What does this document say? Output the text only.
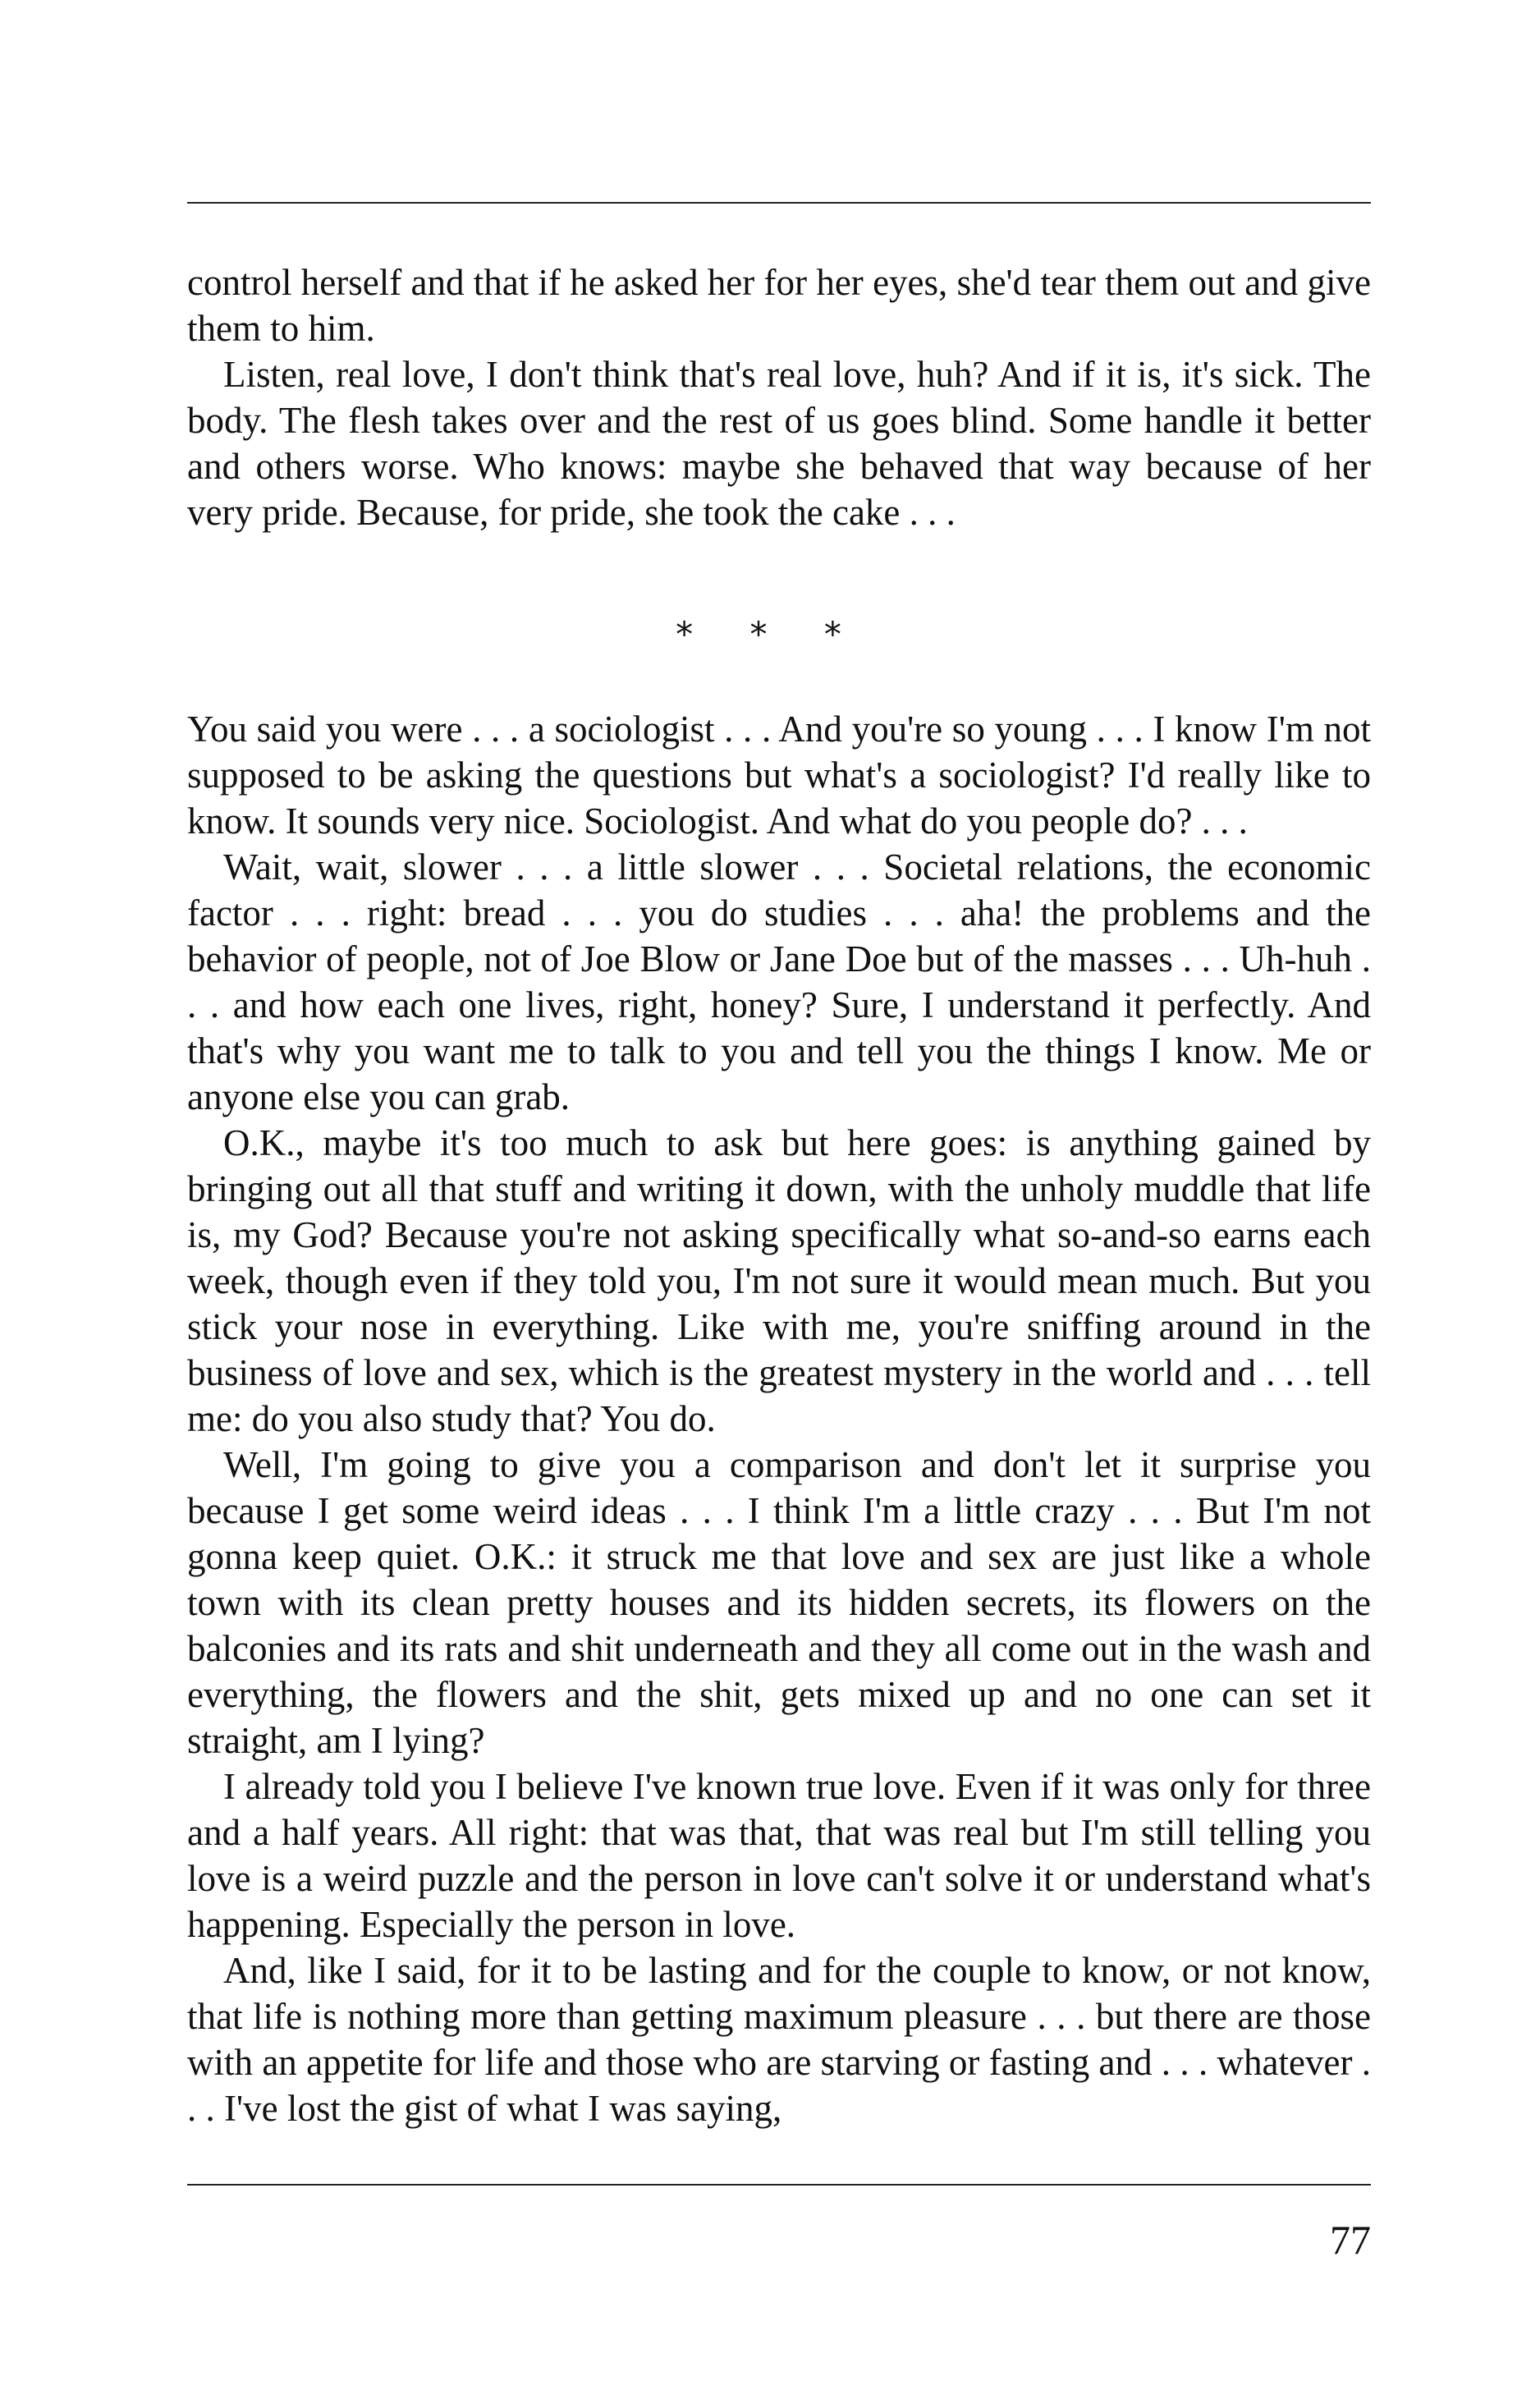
control herself and that if he asked her for her eyes, she'd tear them out and give them to him.

Listen, real love, I don't think that's real love, huh? And if it is, it's sick. The body. The flesh takes over and the rest of us goes blind. Some handle it better and others worse. Who knows: maybe she behaved that way because of her very pride. Because, for pride, she took the cake . . .

* * *

You said you were . . . a sociologist . . . And you're so young . . . I know I'm not supposed to be asking the questions but what's a sociologist? I'd really like to know. It sounds very nice. Sociologist. And what do you people do? . . .

Wait, wait, slower . . . a little slower . . . Societal relations, the economic factor . . . right: bread . . . you do studies . . . aha! the problems and the behavior of people, not of Joe Blow or Jane Doe but of the masses . . . Uh-huh . . . and how each one lives, right, honey? Sure, I understand it perfectly. And that's why you want me to talk to you and tell you the things I know. Me or anyone else you can grab.

O.K., maybe it's too much to ask but here goes: is anything gained by bringing out all that stuff and writing it down, with the unholy muddle that life is, my God? Because you're not asking specifically what so-and-so earns each week, though even if they told you, I'm not sure it would mean much. But you stick your nose in everything. Like with me, you're sniffing around in the business of love and sex, which is the greatest mystery in the world and . . . tell me: do you also study that? You do.

Well, I'm going to give you a comparison and don't let it surprise you because I get some weird ideas . . . I think I'm a little crazy . . . But I'm not gonna keep quiet. O.K.: it struck me that love and sex are just like a whole town with its clean pretty houses and its hidden secrets, its flowers on the balconies and its rats and shit underneath and they all come out in the wash and everything, the flowers and the shit, gets mixed up and no one can set it straight, am I lying?

I already told you I believe I've known true love. Even if it was only for three and a half years. All right: that was that, that was real but I'm still telling you love is a weird puzzle and the person in love can't solve it or understand what's happening. Especially the person in love.

And, like I said, for it to be lasting and for the couple to know, or not know, that life is nothing more than getting maximum pleasure . . . but there are those with an appetite for life and those who are starving or fasting and . . . whatever . . . I've lost the gist of what I was saying,

77
